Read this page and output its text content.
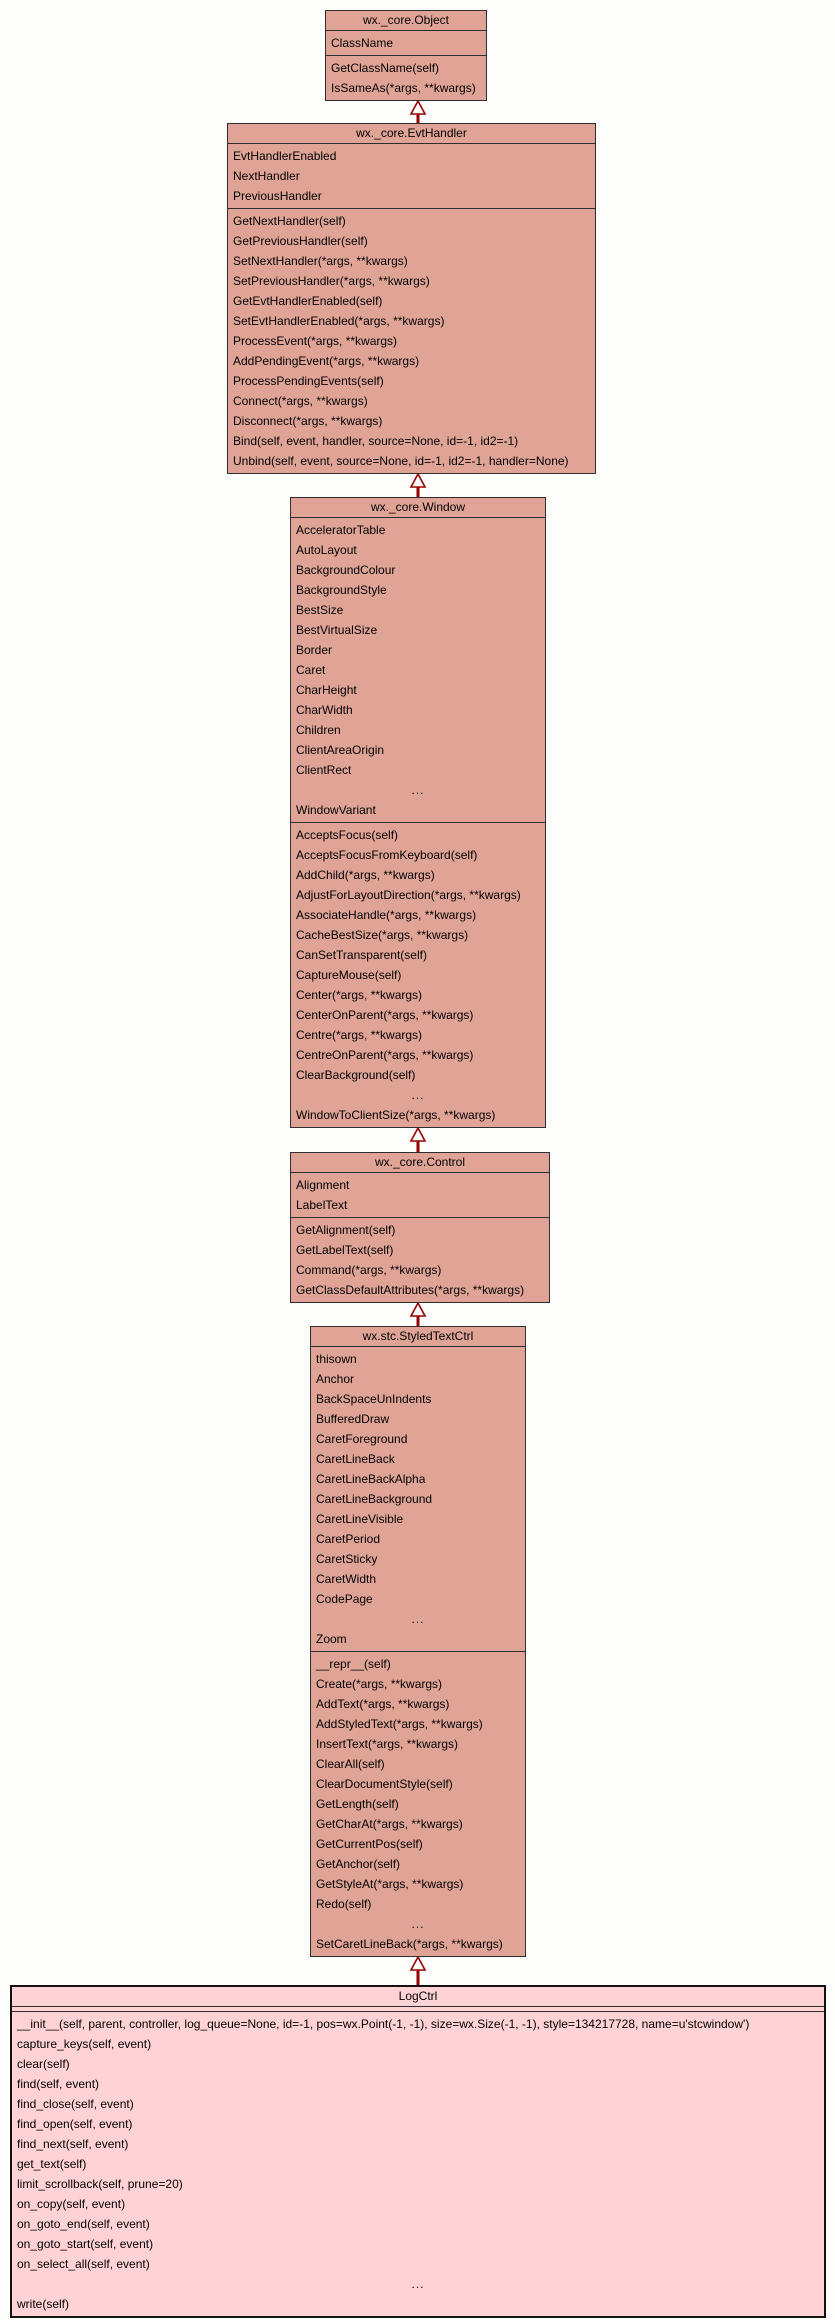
wx._core.Object
ClassName
GetClassName(self)
IsSameAs(*args, **kwargs)
wx._core.EvtHandler
EvtHandlerEnabled
NextHandler
PreviousHandler
GetNextHandler(self)
GetPreviousHandler(self)
SetNextHandler(*args, **kwargs)
SetPreviousHandler(*args, **kwargs)
GetEvtHandlerEnabled(self)
SetEvtHandlerEnabled(*args, **kwargs)
ProcessEvent(*args, **kwargs)
AddPendingEvent(*args, **kwargs)
ProcessPendingEvents(self)
Connect(*args, **kwargs)
Disconnect(*args, **kwargs)
Bind(self, event, handler, source=None, id=-1, id2=-1)
Unbind(self, event, source=None, id=-1, id2=-1, handler=None)
wx._core.Window
AcceleratorTable
AutoLayout
BackgroundColour
BackgroundStyle
BestSize
BestVirtualSize
Border
Caret
CharHeight
CharWidth
Children
ClientAreaOrigin
ClientRect
...
WindowVariant
AcceptsFocus(self)
AcceptsFocusFromKeyboard(self)
AddChild(*args, **kwargs)
AdjustForLayoutDirection(*args, **kwargs)
AssociateHandle(*args, **kwargs)
CacheBestSize(*args, **kwargs)
CanSetTransparent(self)
CaptureMouse(self)
Center(*args, **kwargs)
CenterOnParent(*args, **kwargs)
Centre(*args, **kwargs)
CentreOnParent(*args, **kwargs)
ClearBackground(self)
...
WindowToClientSize(*args, **kwargs)
wx._core.Control
Alignment
LabelText
GetAlignment(self)
GetLabelText(self)
Command(*args, **kwargs)
GetClassDefaultAttributes(*args, **kwargs)
wx.stc.StyledTextCtrl
thisown
Anchor
BackSpaceUnIndents
BufferedDraw
CaretForeground
CaretLineBack
CaretLineBackAlpha
CaretLineBackground
CaretLineVisible
CaretPeriod
CaretSticky
CaretWidth
CodePage
...
Zoom
__repr__(self)
Create(*args, **kwargs)
AddText(*args, **kwargs)
AddStyledText(*args, **kwargs)
InsertText(*args, **kwargs)
ClearAll(self)
ClearDocumentStyle(self)
GetLength(self)
GetCharAt(*args, **kwargs)
GetCurrentPos(self)
GetAnchor(self)
GetStyleAt(*args, **kwargs)
Redo(self)
...
SetCaretLineBack(*args, **kwargs)
LogCtrl
__init__(self, parent, controller, log_queue=None, id=-1, pos=wx.Point(-1, -1), size=wx.Size(-1, -1), style=134217728, name=u'stcwindow')
capture_keys(self, event)
clear(self)
find(self, event)
find_close(self, event)
find_open(self, event)
find_next(self, event)
get_text(self)
limit_scrollback(self, prune=20)
on_copy(self, event)
on_goto_end(self, event)
on_goto_start(self, event)
on_select_all(self, event)
...
write(self)
